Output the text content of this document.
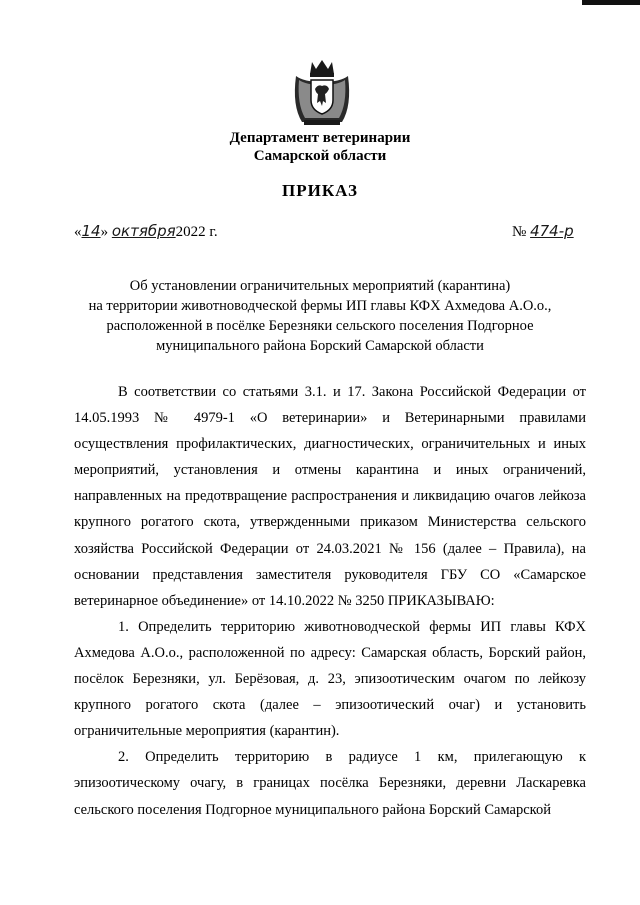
Департамент ветеринарии
Самарской области
ПРИКАЗ
«14» октября2022 г.	№ 474-р
Об установлении ограничительных мероприятий (карантина)
на территории животноводческой фермы ИП главы КФХ Ахмедова А.О.о.,
расположенной в посёлке Березняки сельского поселения Подгорное
муниципального района Борский Самарской области

В соответствии со статьями 3.1. и 17. Закона Российской Федерации от 14.05.1993 № 4979-1 «О ветеринарии» и Ветеринарными правилами осуществления профилактических, диагностических, ограничительных и иных мероприятий, установления и отмены карантина и иных ограничений, направленных на предотвращение распространения и ликвидацию очагов лейкоза крупного рогатого скота, утвержденными приказом Министерства сельского хозяйства Российской Федерации от 24.03.2021 № 156 (далее – Правила), на основании представления заместителя руководителя ГБУ СО «Самарское ветеринарное объединение» от 14.10.2022 № 3250 ПРИКАЗЫВАЮ:

1. Определить территорию животноводческой фермы ИП главы КФХ Ахмедова А.О.о., расположенной по адресу: Самарская область, Борский район, посёлок Березняки, ул. Берёзовая, д. 23, эпизоотическим очагом по лейкозу крупного рогатого скота (далее – эпизоотический очаг) и установить ограничительные мероприятия (карантин).

2. Определить территорию в радиусе 1 км, прилегающую к эпизоотическому очагу, в границах посёлка Березняки, деревни Ласкаревка сельского поселения Подгорное муниципального района Борский Самарской
